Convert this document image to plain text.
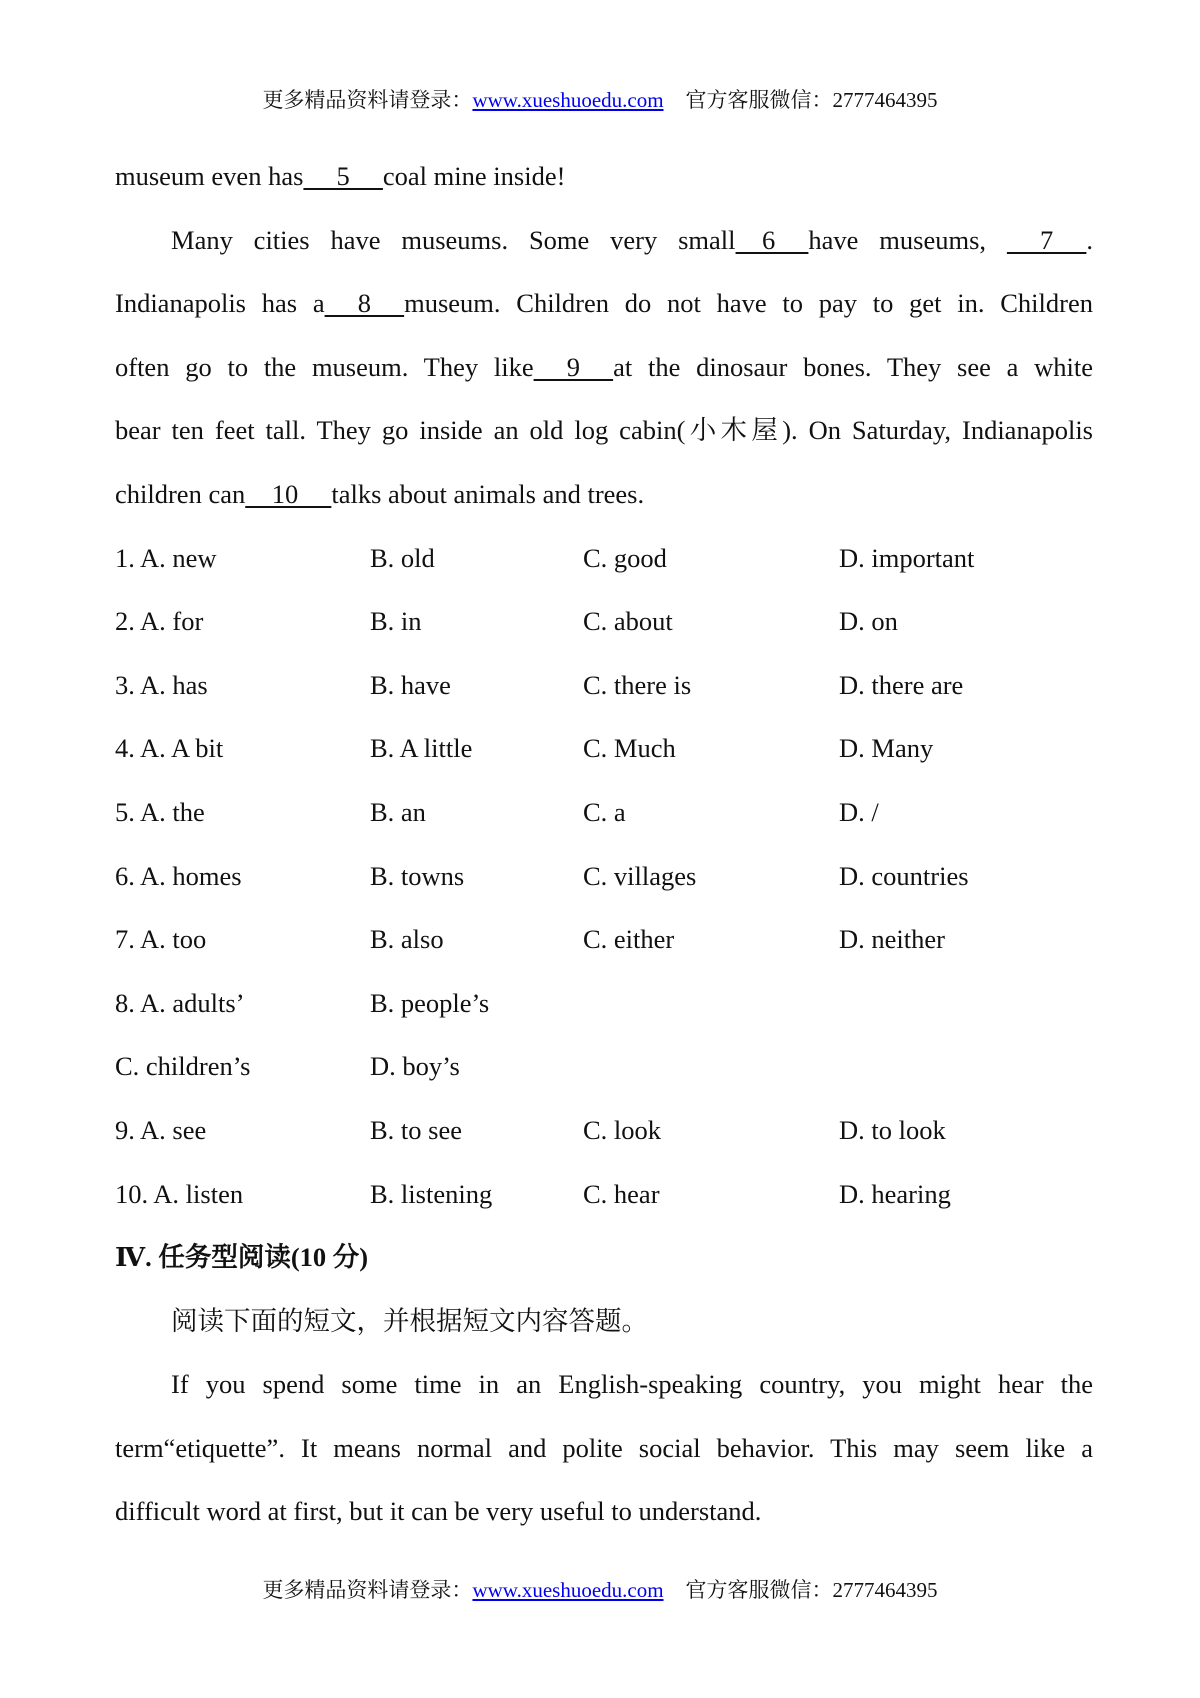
更多精品资料请登录：www.xueshuoedu.com 官方客服微信：2777464395
museum even has     5     coal mine inside!
Many cities have museums. Some very small    6     have museums,      7     .
Indianapolis has a     8     museum. Children do not have to pay to get in. Children
often go to the museum. They like     9     at the dinosaur bones. They see a white
bear ten feet tall. They go inside an old log cabin(小木屋). On Saturday, Indianapolis
children can    10     talks about animals and trees.
1. A. new	B. old	C. good	D. important
2. A. for	B. in	C. about	D. on
3. A. has	B. have	C. there is	D. there are
4. A. A bit	B. A little	C. Much	D. Many
5. A. the	B. an	C. a	D. /
6. A. homes	B. towns	C. villages	D. countries
7. A. too	B. also	C. either	D. neither
8. A. adults’	B. people’s
C. children’s	D. boy’s
9. A. see	B. to see	C. look	D. to look
10. A. listen	B. listening	C. hear	D. hearing
Ⅳ. 任务型阅读(10 分)
阅读下面的短文，并根据短文内容答题。
If you spend some time in an English-speaking country, you might hear the
term“etiquette”. It means normal and polite social behavior. This may seem like a
difficult word at first, but it can be very useful to understand.
更多精品资料请登录：www.xueshuoedu.com 官方客服微信：2777464395
